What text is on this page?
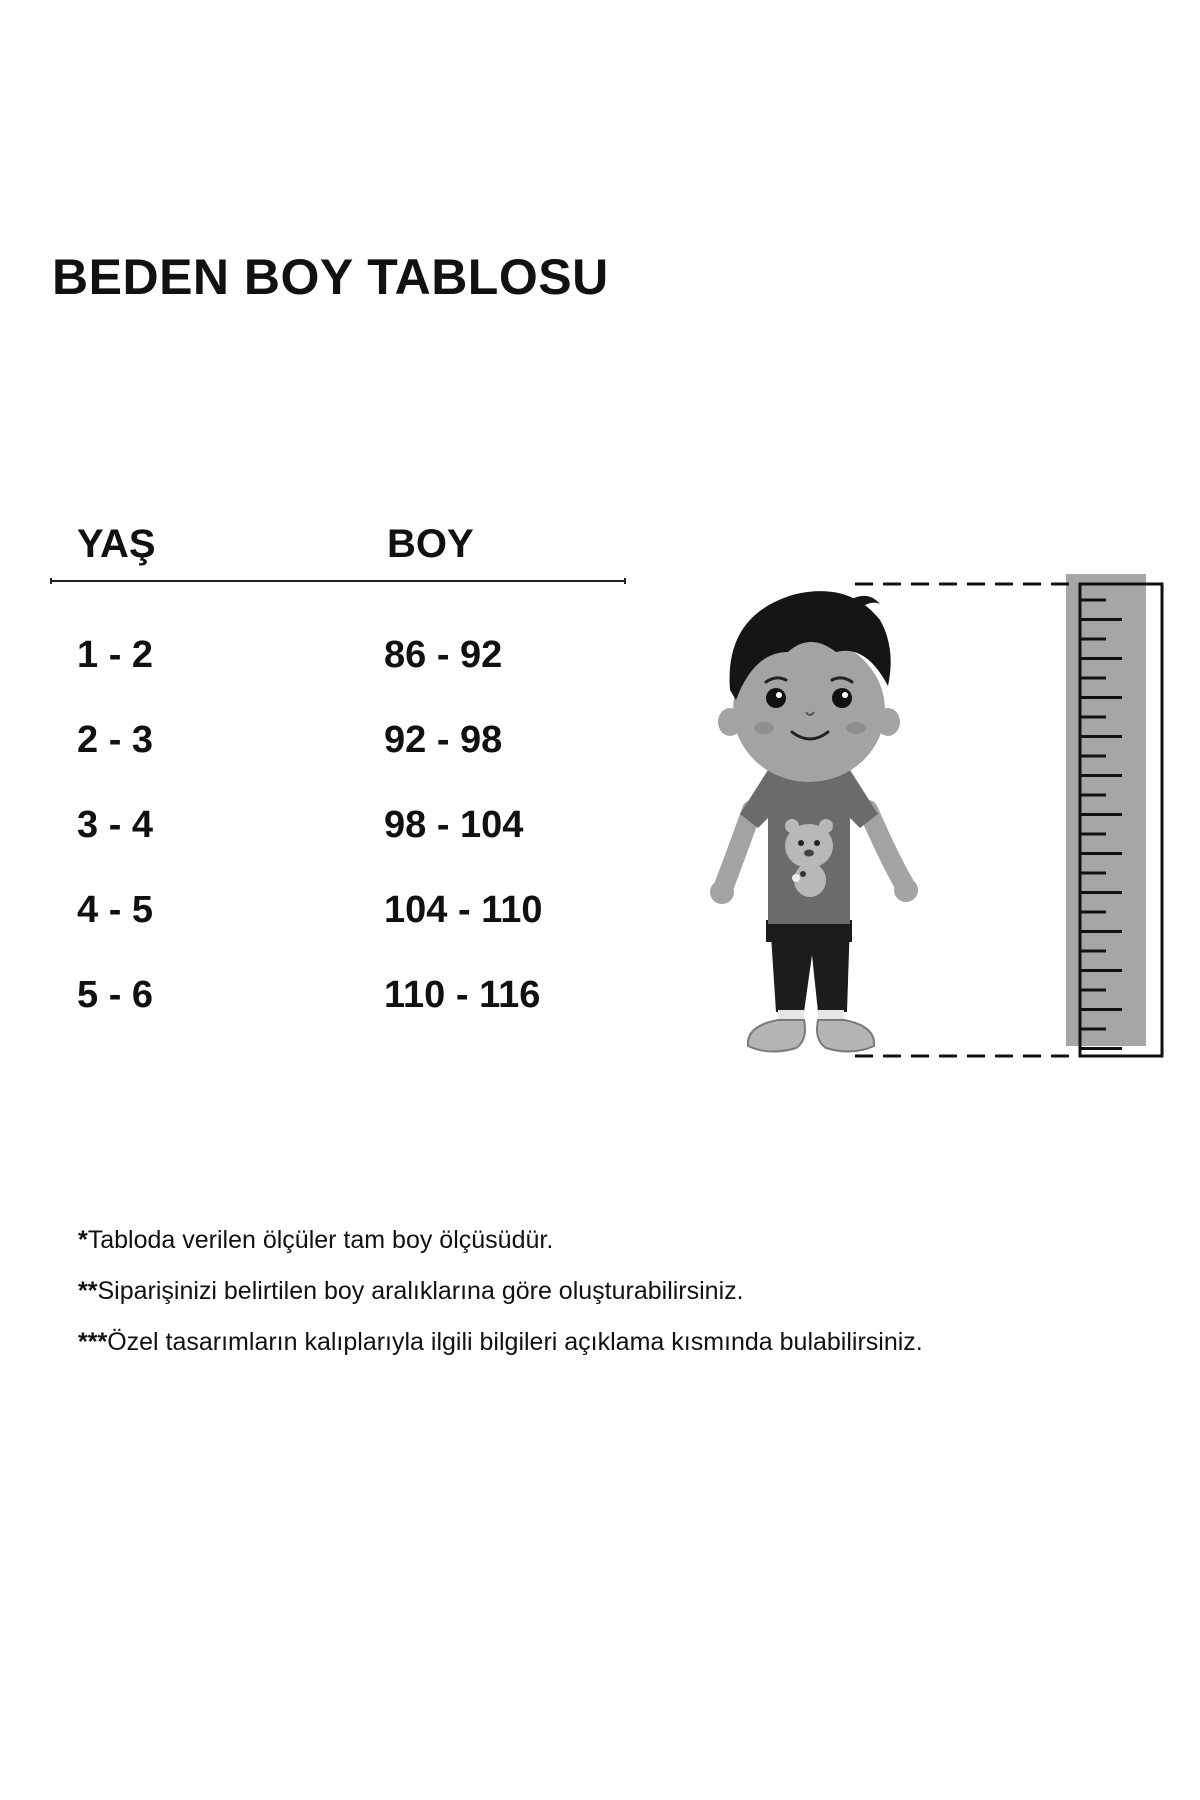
BEDEN BOY TABLOSU
YAŞ	BOY
1 - 2	86 - 92
2 - 3	92 - 98
3 - 4	98 - 104
4 - 5	104 - 110
5 - 6	110 - 116

*Tabloda verilen ölçüler tam boy ölçüsüdür.

**Siparişinizi belirtilen boy aralıklarına göre oluşturabilirsiniz.

***Özel tasarımların kalıplarıyla ilgili bilgileri açıklama kısmında bulabilirsiniz.
